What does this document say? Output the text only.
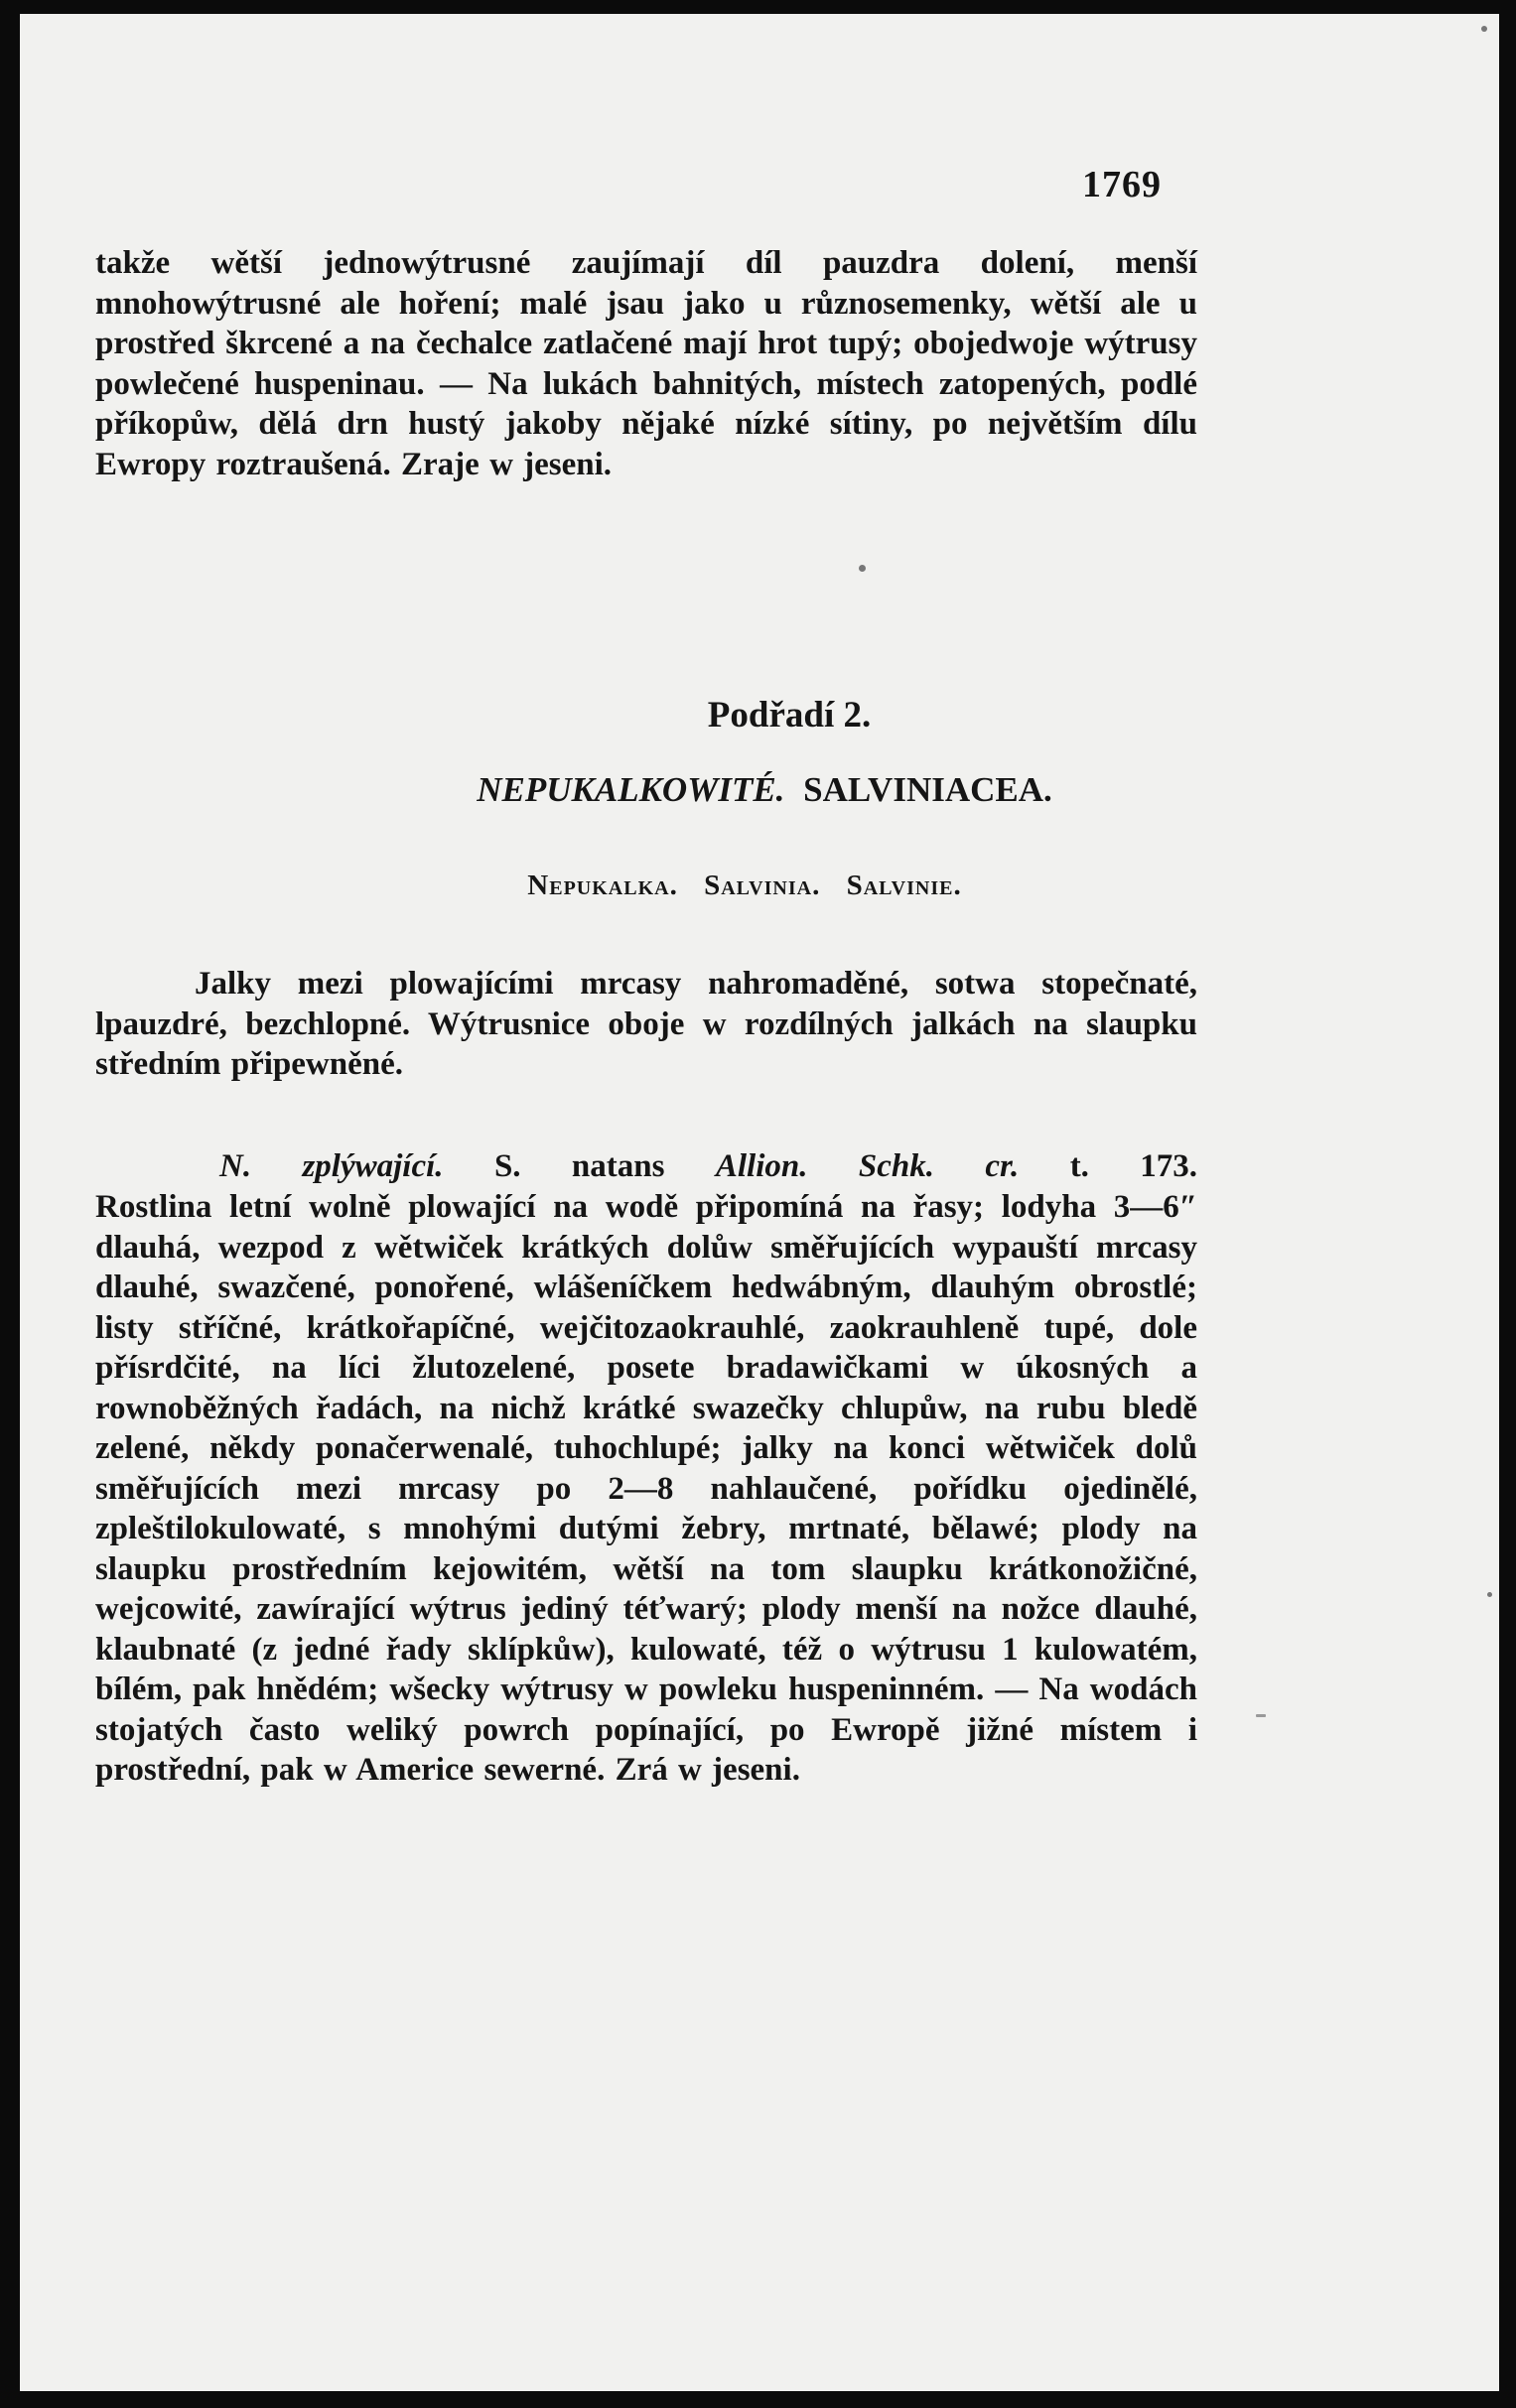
1769

takže wětší jednowýtrusné zaujímají díl pauzdra dolení, menší mnohowýtrusné ale hoření; malé jsau jako u různosemenky, wětší ale u prostřed škrcené a na čechalce zatlačené mají hrot tupý; obojedwoje wýtrusy powlečené huspeninau. — Na lukách bahnitých, místech zatopených, podlé příkopůw, dělá drn hustý jakoby nějaké nízké sítiny, po největším dílu Ewropy roztraušená. Zraje w jeseni.

Podřadí 2.
NEPUKALKOWITÉ. SALVINIACEA.
Nepukalka. Salvinia. Salvinie.

Jalky mezi plowajícími mrcasy nahromaděné, sotwa stopečnaté, lpauzdré, bezchlopné. Wýtrusnice oboje w rozdílných jalkách na slaupku středním připewněné.

N. zplýwající. S. natans Allion. Schk. cr. t. 173.

Rostlina letní wolně plowající na wodě připomíná na řasy; lodyha 3—6″ dlauhá, wezpod z wětwiček krátkých dolůw směřujících wypauští mrcasy dlauhé, swazčené, ponořené, wlášeníčkem hedwábným, dlauhým obrostlé; listy stříčné, krátkořapíčné, wejčitozaokrauhlé, zaokrauhleně tupé, dole přísrdčité, na líci žlutozelené, posete bradawičkami w úkosných a rownoběžných řadách, na nichž krátké swazečky chlupůw, na rubu bledě zelené, někdy ponačerwenalé, tuhochlupé; jalky na konci wětwiček dolů směřujících mezi mrcasy po 2—8 nahlaučené, pořídku ojedinělé, zpleštilokulowaté, s mnohými dutými žebry, mrtnaté, bělawé; plody na slaupku prostředním kejowitém, wětší na tom slaupku krátkonožičné, wejcowité, zawírající wýtrus jediný téťwarý; plody menší na nožce dlauhé, klaubnaté (z jedné řady sklípkůw), kulowaté, též o wýtrusu 1 kulowatém, bílém, pak hnědém; wšecky wýtrusy w powleku huspeninném. — Na wodách stojatých často weliký powrch popínající, po Ewropě jižné místem i prostřední, pak w Americe sewerné. Zrá w jeseni.
